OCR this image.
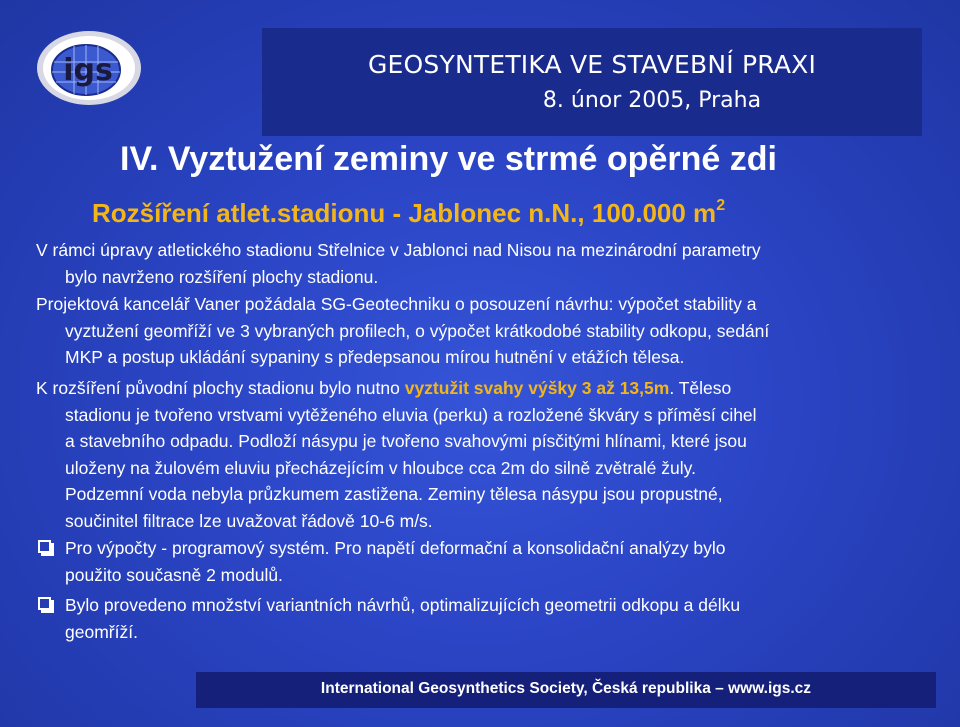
igs	GEOSYNTETIKA VE STAVEBNÍ PRAXI
8. únor 2005, Praha
IV. Vyztužení zeminy ve strmé opěrné zdi
Rozšíření atlet.stadionu - Jablonec n.N., 100.000 $m^2$
V rámci úpravy atletického stadionu Střelnice v Jablonci nad Nisou na mezinárodní parametry
bylo navrženo rozšíření plochy stadionu.
Projektová kancelář Vaner požádala SG-Geotechniku o posouzení návrhu: výpočet stability a
vyztužení geomříží ve 3 vybraných profilech, o výpočet krátkodobé stability odkopu, sedání
MKP a postup ukládání sypaniny s předepsanou mírou hutnění v etážích tělesa.
K rozšíření původní plochy stadionu bylo nutno vyztužit svahy výšky 3 až 13,5m. Těleso
stadionu je tvořeno vrstvami vytěženého eluvia (perku) a rozložené škváry s příměsí cihel
a stavebního odpadu. Podloží násypu je tvořeno svahovými písčitými hlínami, které jsou
uloženy na žulovém eluviu přecházejícím v hloubce cca 2m do silně zvětralé žuly.
Podzemní voda nebyla průzkumem zastižena. Zeminy tělesa násypu jsou propustné,
součinitel filtrace lze uvažovat řádově 10-6 m/s.
Pro výpočty - programový systém. Pro napětí deformační a konsolidační analýzy bylo
použito současně 2 modulů.
Bylo provedeno množství variantních návrhů, optimalizujících geometrii odkopu a délku
geomříží.
International Geosynthetics Society, Česká republika – www.igs.cz
